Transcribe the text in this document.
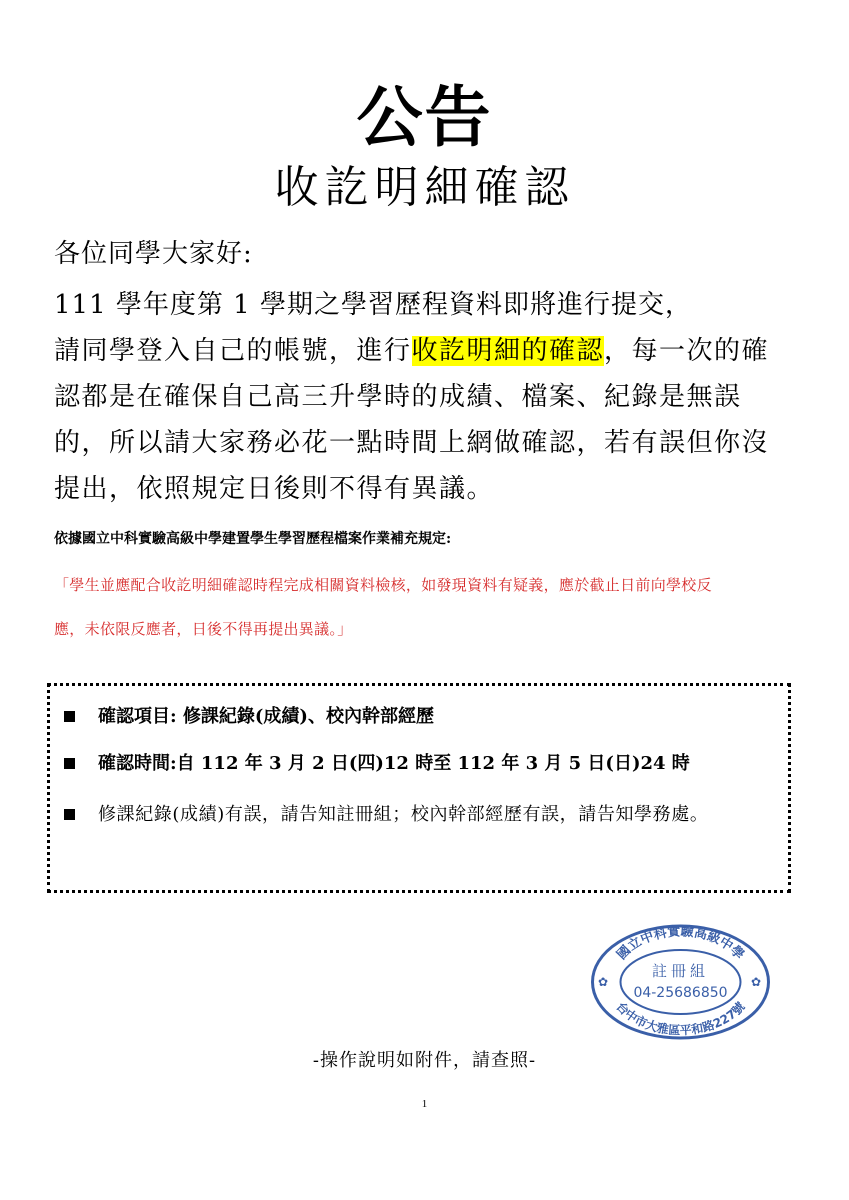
公告
收訖明細確認
各位同學大家好:
111 學年度第 1 學期之學習歷程資料即將進行提交，
請同學登入自己的帳號，進行收訖明細的確認，每一次的確
認都是在確保自己高三升學時的成績、檔案、紀錄是無誤
的，所以請大家務必花一點時間上網做確認，若有誤但你沒
提出，依照規定日後則不得有異議。
依據國立中科實驗高級中學建置學生學習歷程檔案作業補充規定:
「學生並應配合收訖明細確認時程完成相關資料檢核，如發現資料有疑義，應於截止日前向學校反
應，未依限反應者，日後不得再提出異議。」
確認項目: 修課紀錄(成績)、校內幹部經歷
確認時間:自 112 年 3 月 2 日(四)12 時至 112 年 3 月 5 日(日)24 時
修課紀錄(成績)有誤，請告知註冊組；校內幹部經歷有誤，請告知學務處。
國立中科實驗高級中學
註冊組
04-25686850
台中市大雅區平和路227號
✿	✿
-操作說明如附件，請查照-
1
